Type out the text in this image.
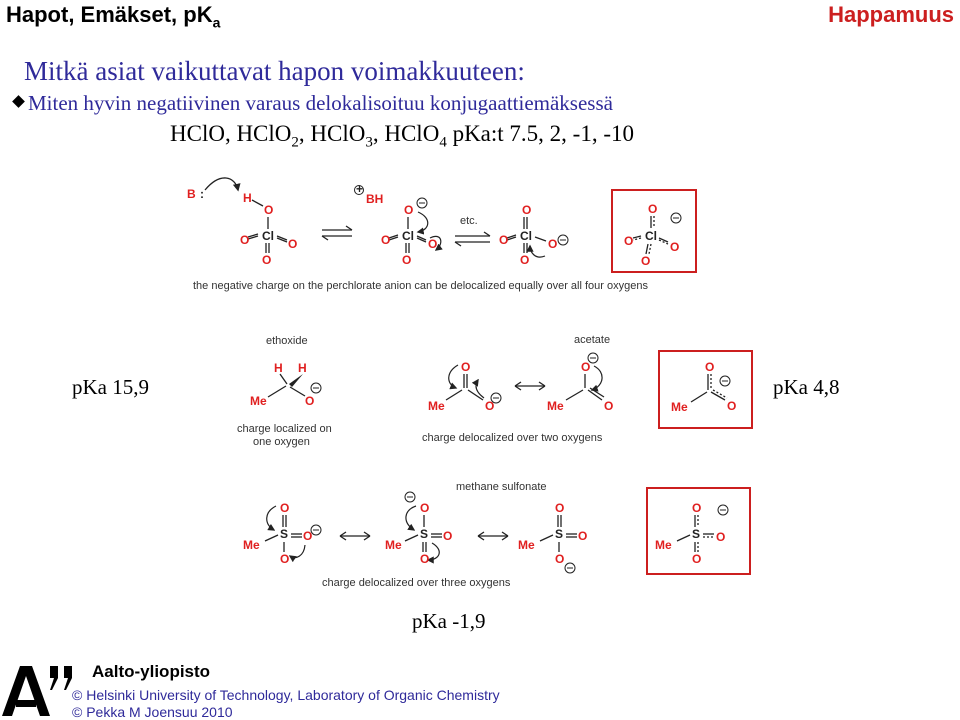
Hapot, Emäkset, $pK_a$	Happamuus
Mitkä asiat vaikuttavat hapon voimakkuuteen:
Miten hyvin negatiivinen varaus delokalisoituu konjugaattiemäksessä
HClO, HClO$_2$, HClO$_3$, HClO$_4$ pKa:t 7.5, 2, -1, -10
B :	H
O
Cl
O	O
O
+
BH
O
Cl
O	O
O
etc.
O
Cl
O	O
O
O
Cl
O	O
O
the negative charge on the perchlorate anion can be delocalized equally over all four oxygens
ethoxide
H H
Me	O
charge localized on
one oxygen
acetate
O
Me	O
O
Me	O
O
Me	O
charge delocalized over two oxygens
methane sulfonate
O
S
Me
O
O
O
S
Me
O
O
O
S
Me
O
O
O
S
Me
O
O
charge delocalized over three oxygens
pKa 15,9	pKa 4,8
pKa -1,9
Aalto-yliopisto
© Helsinki University of Technology, Laboratory of Organic Chemistry
© Pekka M Joensuu 2010
